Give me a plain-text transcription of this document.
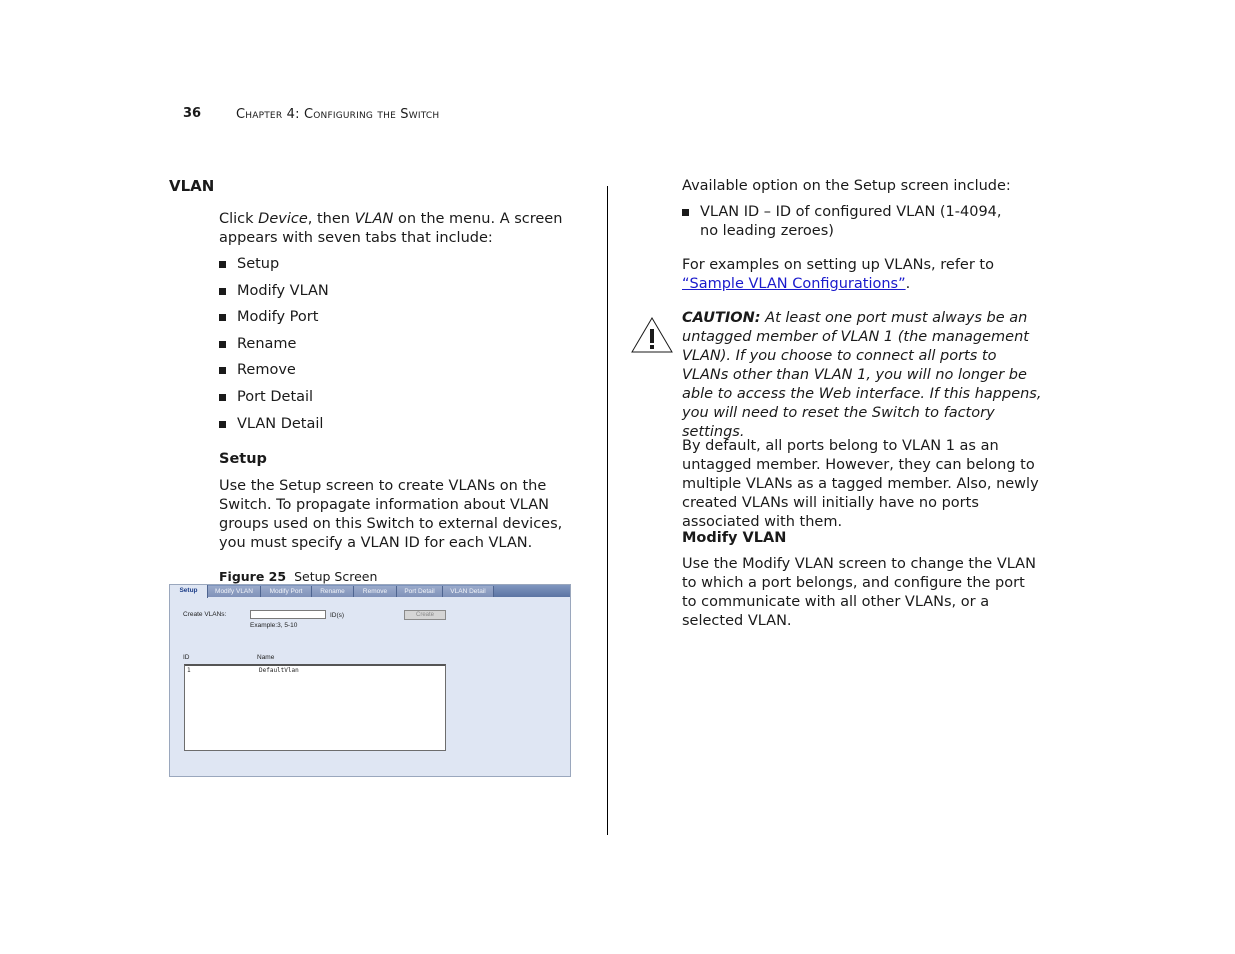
36	Chapter 4: Configuring the Switch
VLAN
Click Device, then VLAN on the menu. A screen appears with seven tabs that include:
Setup
Modify VLAN
Modify Port
Rename
Remove
Port Detail
VLAN Detail
Setup
Use the Setup screen to create VLANs on the Switch. To propagate information about VLAN groups used on this Switch to external devices, you must specify a VLAN ID for each VLAN.
Figure 25 Setup Screen
Setup	Modify VLAN	Modify Port	Rename	Remove	Port Detail	VLAN Detail
Create VLANs:	ID(s)
Example:3, 5-10
Create
ID	Name
1	DefaultVlan
Available option on the Setup screen include:
VLAN ID – ID of configured VLAN (1-4094, no leading zeroes)
For examples on setting up VLANs, refer to “Sample VLAN Configurations”.
CAUTION: At least one port must always be an untagged member of VLAN 1 (the management VLAN). If you choose to connect all ports to VLANs other than VLAN 1, you will no longer be able to access the Web interface. If this happens, you will need to reset the Switch to factory settings.
By default, all ports belong to VLAN 1 as an untagged member. However, they can belong to multiple VLANs as a tagged member. Also, newly created VLANs will initially have no ports associated with them.
Modify VLAN
Use the Modify VLAN screen to change the VLAN to which a port belongs, and configure the port to communicate with all other VLANs, or a selected VLAN.
